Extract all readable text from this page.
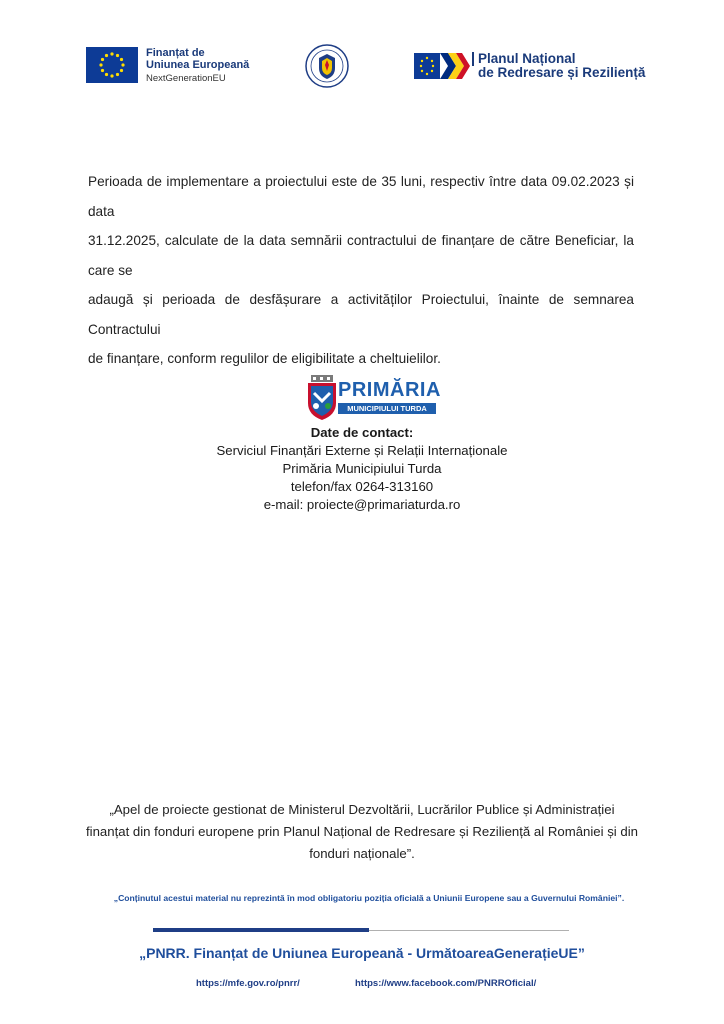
Finanțat de
Uniunea Europeană
NextGenerationEU
Planul Național
de Redresare și Reziliență
Perioada de implementare a proiectului este de 35 luni, respectiv între data 09.02.2023 și data
31.12.2025, calculate de la data semnării contractului de finanțare de către Beneficiar, la care se
adaugă și perioada de desfășurare a activităților Proiectului, înainte de semnarea Contractului
de finanțare, conform regulilor de eligibilitate a cheltuielilor.
PRIMĂRIA
MUNICIPIULUI TURDA
Date de contact:
Serviciul Finanțări Externe și Relații Internaționale
Primăria Municipiului Turda
telefon/fax 0264-313160
e-mail: proiecte@primariaturda.ro
„Apel de proiecte gestionat de Ministerul Dezvoltării, Lucrărilor Publice și Administrației
finanțat din fonduri europene prin Planul Național de Redresare și Reziliență al României și din
fonduri naționale”.
„Conținutul acestui material nu reprezintă în mod obligatoriu poziția oficială a Uniunii Europene sau a Guvernului României”.
„PNRR. Finanțat de Uniunea Europeană - UrmătoareaGenerațieUE”
https://mfe.gov.ro/pnrr/	https://www.facebook.com/PNRROficial/
